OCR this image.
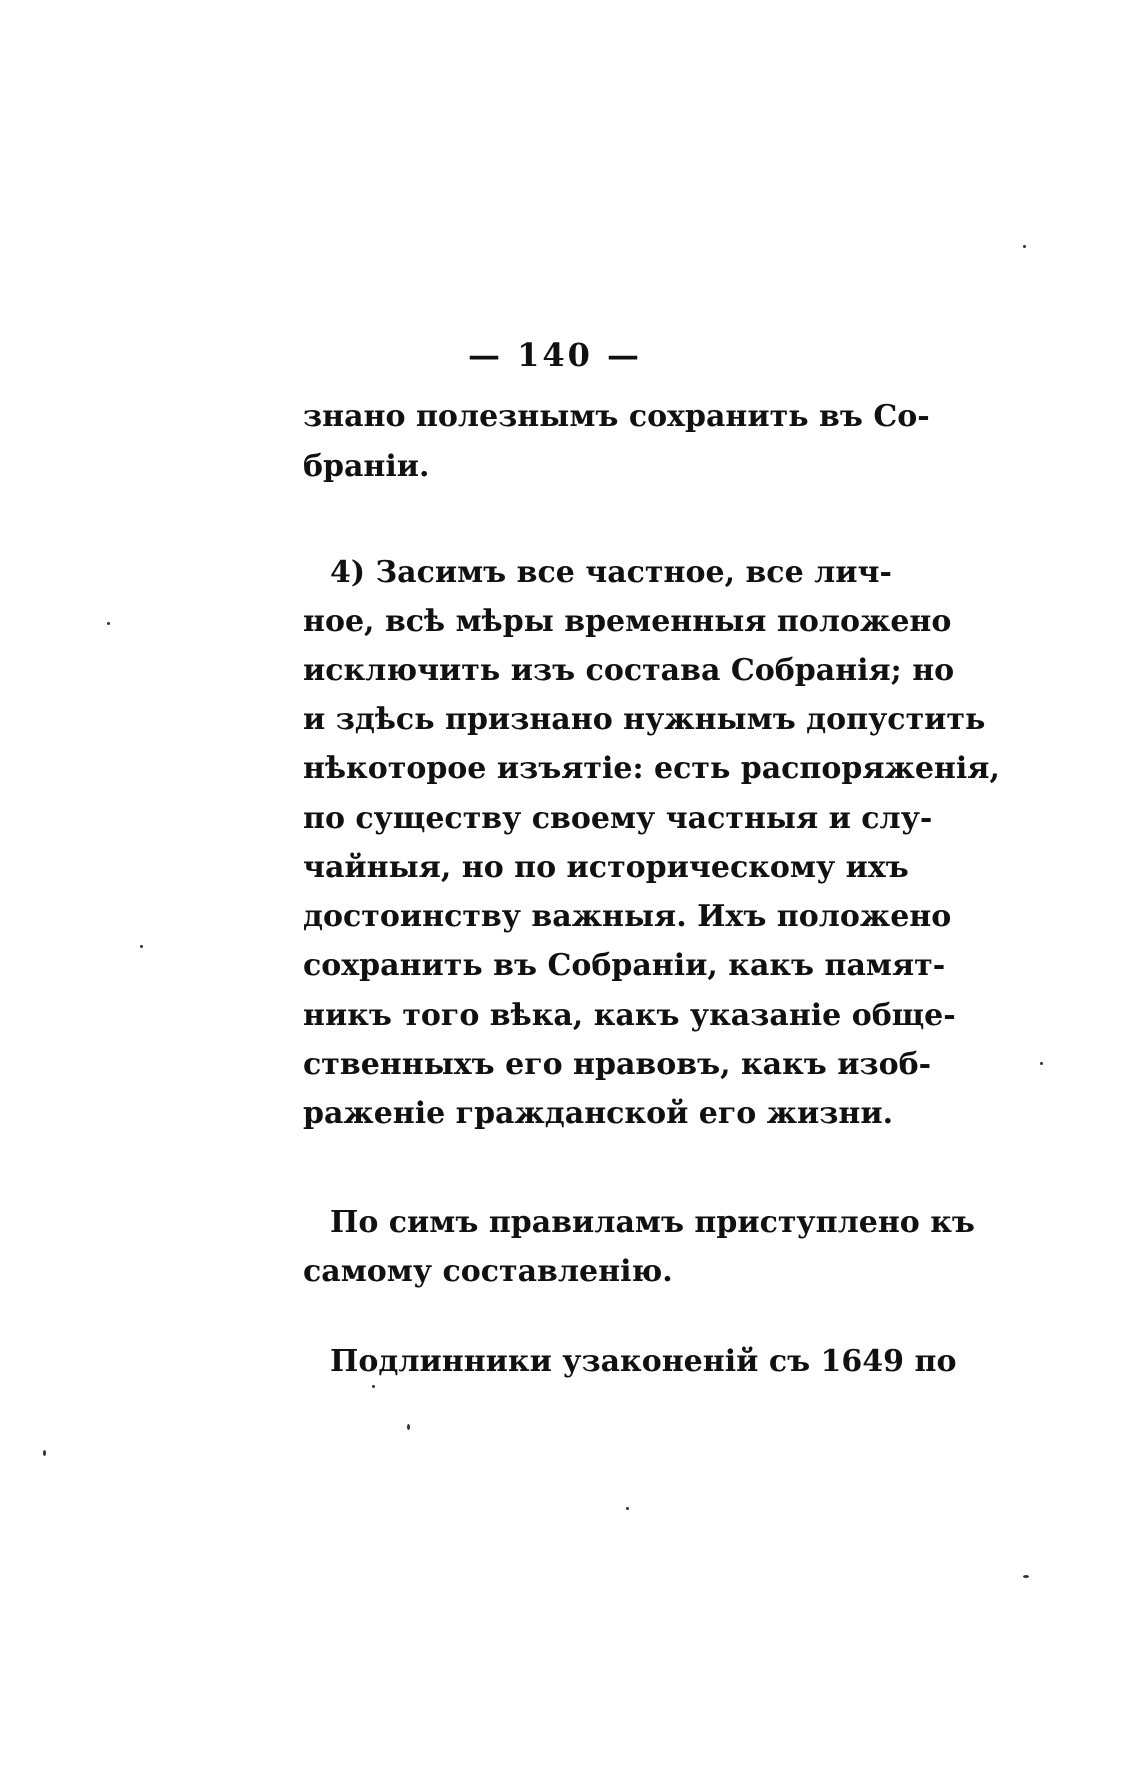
— 140 —
знано полезнымъ сохранить въ Со-
браніи.
4) Засимъ все частное, все лич-
ное, всѣ мѣры временныя положено
исключить изъ состава Собранія; но
и здѣсь признано нужнымъ допустить
нѣкоторое изъятіе: есть распоряженія,
по существу своему частныя и слу-
чайныя, но по историческому ихъ
достоинству важныя. Ихъ положено
сохранить въ Собраніи, какъ памят-
никъ того вѣка, какъ указаніе обще-
ственныхъ его нравовъ, какъ изоб-
раженіе гражданской его жизни.
По симъ правиламъ приступлено къ
самому составленію.
Подлинники узаконеній съ 1649 по
